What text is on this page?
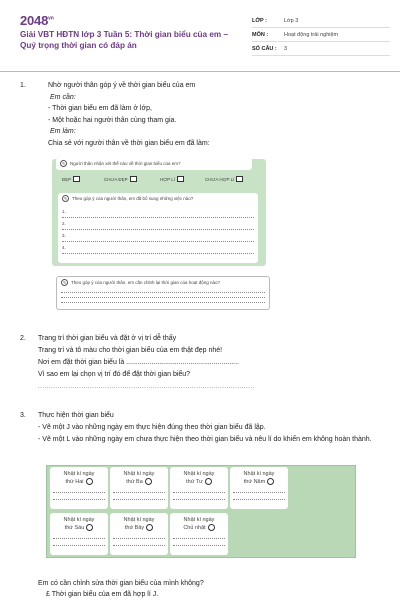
$2048^{vn}$
Giải VBT HĐTN lớp 3 Tuần 5: Thời gian biểu của em – Quý trọng thời gian có đáp án
LỚP :	Lớp 3
MÔN :	Hoạt động trải nghiệm
SỐ CÂU :	3
1.	Nhờ người thân góp ý về thời gian biểu của em
Em cần:
- Thời gian biểu em đã làm ở lớp,
- Một hoặc hai người thân cùng tham gia.
Em làm:
Chia sẻ với người thân về thời gian biểu em đã làm:
✎	Người thân nhận xét thế nào về thời gian biểu của em?
ĐẸP	CHƯA ĐẸP	HỢP LÍ	CHƯA HỢP LÍ
✎	Theo góp ý của người thân, em đã bổ sung những việc nào?
1.
2.
3.
4.
✎	Theo góp ý của người thân, em cần chỉnh lại thời gian của hoạt động nào?
2. Trang trí thời gian biểu và đặt ở vị trí dễ thấy
Trang trí và tô màu cho thời gian biểu của em thật đẹp nhé!
Nơi em đặt thời gian biểu là ..........................................................
Vì sao em lại chọn vị trí đó để đặt thời gian biểu?
....................................................................................................
3. Thực hiện thời gian biểu
- Vẽ một J vào những ngày em thực hiện đúng theo thời gian biểu đã lập.
- Vẽ một L vào những ngày em chưa thực hiện theo thời gian biểu và nêu lí do khiến em không hoàn thành.
Nhật kí ngày
thứ Hai
Nhật kí ngày
thứ Ba
Nhật kí ngày
thứ Tư
Nhật kí ngày
thứ Năm
Nhật kí ngày
thứ Sáu
Nhật kí ngày
thứ Bảy
Nhật kí ngày
Chủ nhật
Em có cần chỉnh sửa thời gian biểu của mình không?
£ Thời gian biểu của em đã hợp lí J.
